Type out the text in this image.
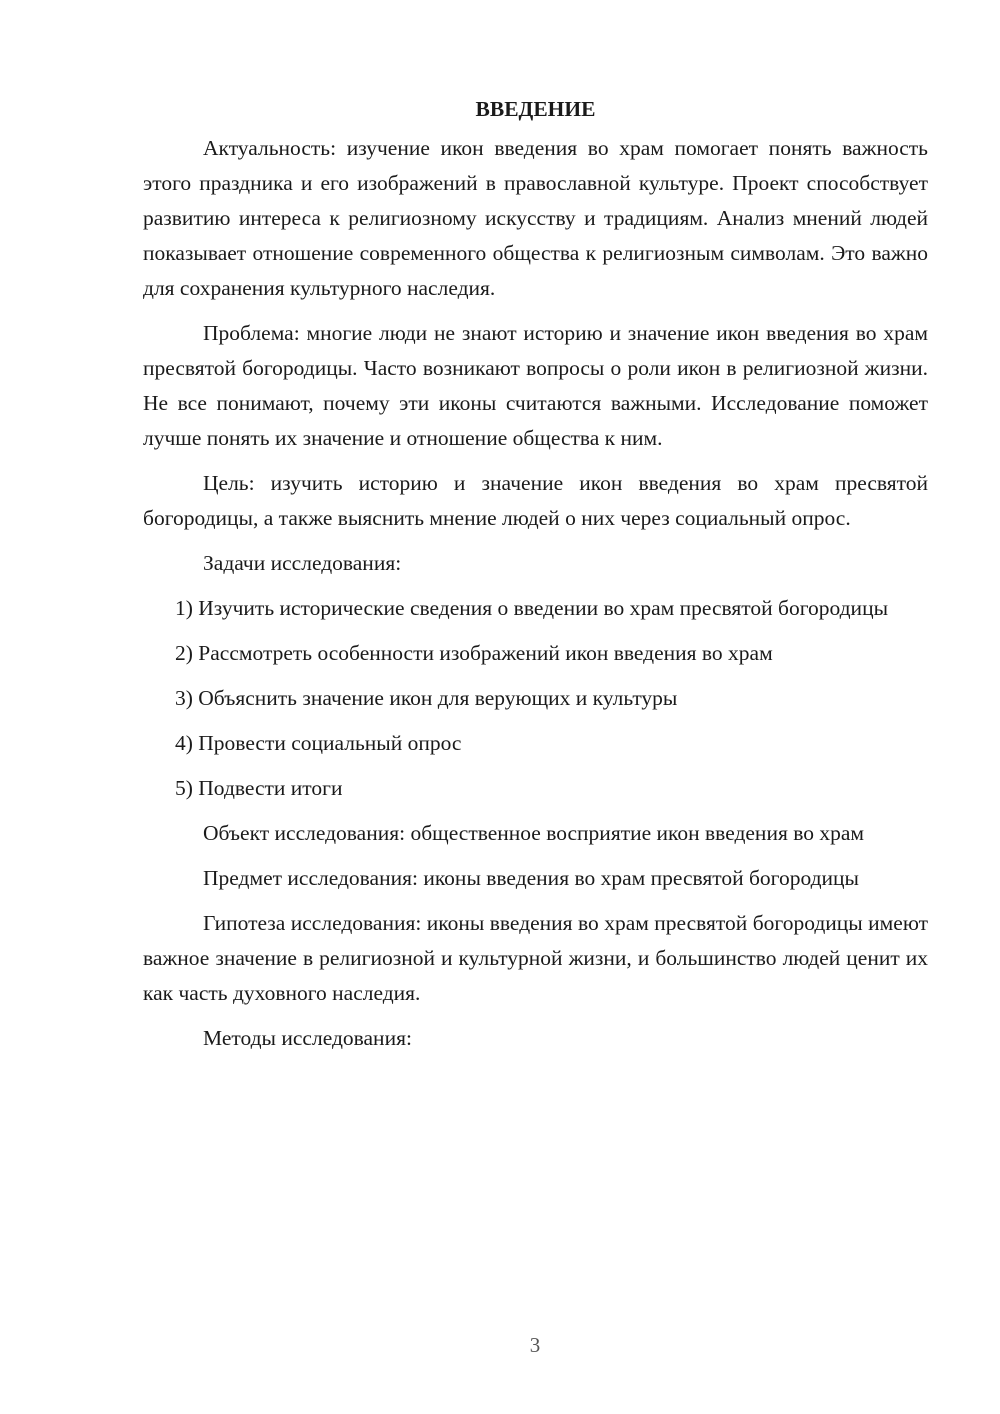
ВВЕДЕНИЕ

Актуальность: изучение икон введения во храм помогает понять важность этого праздника и его изображений в православной культуре. Проект способствует развитию интереса к религиозному искусству и традициям. Анализ мнений людей показывает отношение современного общества к религиозным символам. Это важно для сохранения культурного наследия.

Проблема: многие люди не знают историю и значение икон введения во храм пресвятой богородицы. Часто возникают вопросы о роли икон в религиозной жизни. Не все понимают, почему эти иконы считаются важными. Исследование поможет лучше понять их значение и отношение общества к ним.

Цель: изучить историю и значение икон введения во храм пресвятой богородицы, а также выяснить мнение людей о них через социальный опрос.

Задачи исследования:

1) Изучить исторические сведения о введении во храм пресвятой богородицы

2) Рассмотреть особенности изображений икон введения во храм

3) Объяснить значение икон для верующих и культуры

4) Провести социальный опрос

5) Подвести итоги

Объект исследования: общественное восприятие икон введения во храм

Предмет исследования: иконы введения во храм пресвятой богородицы

Гипотеза исследования: иконы введения во храм пресвятой богородицы имеют важное значение в религиозной и культурной жизни, и большинство людей ценит их как часть духовного наследия.

Методы исследования:

3
